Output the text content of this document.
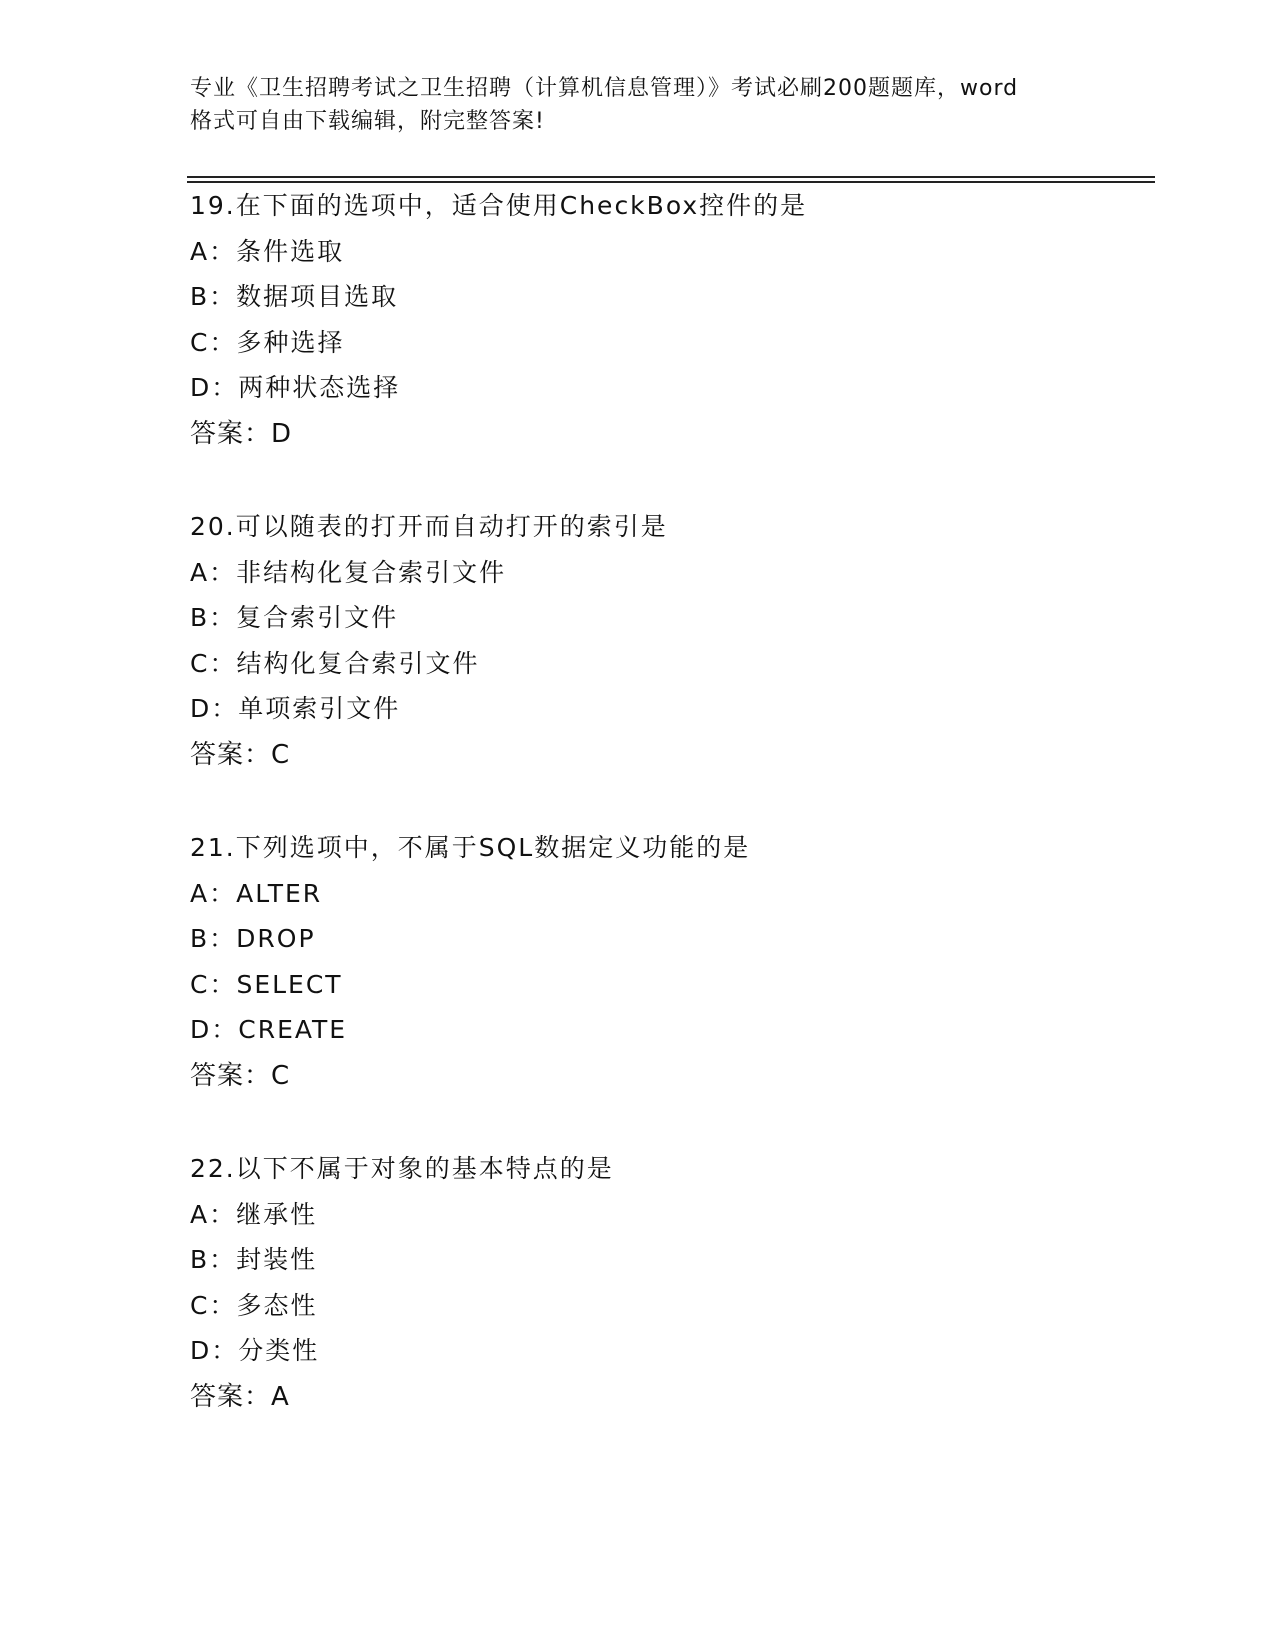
专业《卫生招聘考试之卫生招聘（计算机信息管理）》考试必刷200题题库，word
格式可自由下载编辑，附完整答案!
19.在下面的选项中，适合使用CheckBox控件的是
A：条件选取
B：数据项目选取
C：多种选择
D：两种状态选择
答案：D
20.可以随表的打开而自动打开的索引是
A：非结构化复合索引文件
B：复合索引文件
C：结构化复合索引文件
D：单项索引文件
答案：C
21.下列选项中，不属于SQL数据定义功能的是
A：ALTER
B：DROP
C：SELECT
D：CREATE
答案：C
22.以下不属于对象的基本特点的是
A：继承性
B：封装性
C：多态性
D：分类性
答案：A
